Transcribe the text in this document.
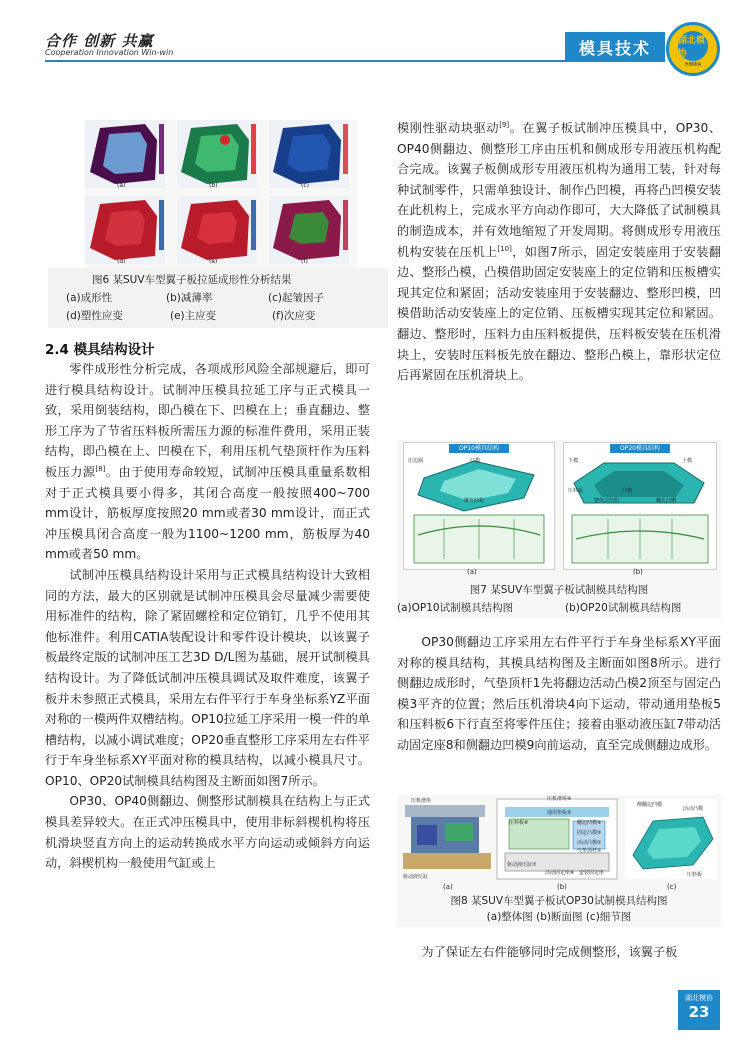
合作 创新 共赢
Cooperation Innovation Win-win	模具技术	湖北模协
HBMIA
(a)	(b)	(c)
(d)	(e)	(f)
图6 某SUV车型翼子板拉延成形性分析结果
(a)成形性	(b)减薄率	(c)起皱因子
(d)塑性应变	(e)主应变	(f)次应变
2.4 模具结构设计

零件成形性分析完成，各项成形风险全部规避后，即可进行模具结构设计。试制冲压模具拉延工序与正式模具一致，采用倒装结构，即凸模在下、凹模在上；垂直翻边、整形工序为了节省压料板所需压力源的标准件费用，采用正装结构，即凸模在上、凹模在下，利用压机气垫顶杆作为压料板压力源[8]。由于使用寿命较短，试制冲压模具重量系数相对于正式模具要小得多，其闭合高度一般按照400~700 mm设计，筋板厚度按照20 mm或者30 mm设计，而正式冲压模具闭合高度一般为1100~1200 mm，筋板厚为40 mm或者50 mm。

试制冲压模具结构设计采用与正式模具结构设计大致相同的方法，最大的区别就是试制冲压模具会尽量减少需要使用标准件的结构，除了紧固螺栓和定位销钉，几乎不使用其他标准件。利用CATIA装配设计和零件设计模块，以该翼子板最终定版的试制冲压工艺3D D/L图为基础，展开试制模具结构设计。为了降低试制冲压模具调试及取件难度，该翼子板并未参照正式模具，采用左右件平行于车身坐标系YZ平面对称的一模两件双槽结构。OP10拉延工序采用一模一件的单槽结构，以减小调试难度；OP20垂直整形工序采用左右件平行于车身坐标系XY平面对称的模具结构，以减小模具尺寸。OP10、OP20试制模具结构图及主断面如图7所示。

OP30、OP40侧翻边、侧整形试制模具在结构上与正式模具差异较大。在正式冲压模具中，使用非标斜楔机构将压机滑块竖直方向上的运动转换成水平方向运动或倾斜方向运动，斜楔机构一般使用气缸或上

模刚性驱动块驱动[9]。在翼子板试制冲压模具中，OP30、OP40侧翻边、侧整形工序由压机和侧成形专用液压机构配合完成。该翼子板侧成形专用液压机构为通用工装，针对每种试制零件，只需单独设计、制作凸凹模，再将凸凹模安装在此机构上，完成水平方向动作即可，大大降低了试制模具的制造成本，并有效地缩短了开发周期。将侧成形专用液压机构安装在压机上[10]，如图7所示，固定安装座用于安装翻边、整形凸模，凸模借助固定安装座上的定位销和压板槽实现其定位和紧固；活动安装座用于安装翻边、整形凹模，凹模借助活动安装座上的定位销、压板槽实现其定位和紧固。翻边、整形时，压料力由压料板提供，压料板安装在压机滑块上，安装时压料板先放在翻边、整形凸模上，靠形状定位后再紧固在压机滑块上。

OP10模具结构
压边圈	凸模
镶块结构
OP20模具结构
下模	上模
压料板	凸模
整体式结构	螺孔凹槽
(a)	(b)
图7 某SUV车型翼子板试制模具结构图
(a)OP10试制模具结构图	(b)OP20试制模具结构图

OP30侧翻边工序采用左右件平行于车身坐标系XY平面对称的模具结构，其模具结构图及主断面如图8所示。进行侧翻边成形时，气垫顶杆1先将翻边活动凸模2顶至与固定凸模3平齐的位置；然后压机滑块4向下运动，带动通用垫板5和压料板6下行直至将零件压住；接着由驱动液压缸7带动活动固定座8和侧翻边凹模9向前运动，直至完成侧翻边成形。

压机滑块
驱动液压缸
压机滑块④
通用垫板⑤
压料板⑥	翻边凹模⑨
固定凸模③
活动凸模②
气垫顶杆①
驱动液压缸⑦
活动固定座⑧ 安装固定座
侧翻边凹模
活动凸模
压料板
(a)	(b)	(c)
图8 某SUV车型翼子板试OP30试制模具结构图
(a)整体图 (b)断面图 (c)细节图

为了保证左右件能够同时完成侧整形，该翼子板

湖北模协
23
